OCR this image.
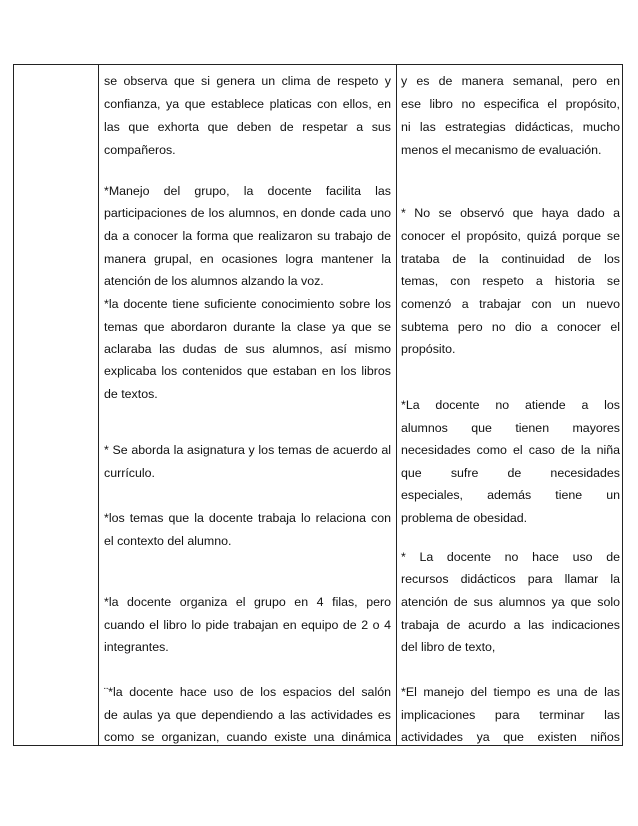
se observa que si genera un clima de respeto y
confianza, ya que establece platicas con ellos, en
las que exhorta que deben de respetar a sus
compañeros.
*Manejo del grupo, la docente facilita las
participaciones de los alumnos, en donde cada uno
da a conocer la forma que realizaron su trabajo de
manera grupal, en ocasiones logra mantener la
atención de los alumnos alzando la voz.
*la docente tiene suficiente conocimiento sobre los
temas que abordaron durante la clase ya que se
aclaraba las dudas de sus alumnos, así mismo
explicaba los contenidos que estaban en los libros
de textos.
* Se aborda la asignatura y los temas de acuerdo al
currículo.
*los temas que la docente trabaja lo relaciona con
el contexto del alumno.
*la docente organiza el grupo en 4 filas, pero
cuando el libro lo pide trabajan en equipo de 2 o 4
integrantes.
¨*la docente hace uso de los espacios del salón
de aulas ya que dependiendo a las actividades es
como se organizan, cuando existe una dinámica
y es de manera semanal, pero en
ese libro no especifica el propósito,
ni las estrategias didácticas, mucho
menos el mecanismo de evaluación.
* No se observó que haya dado a
conocer el propósito, quizá porque se
trataba de la continuidad de los
temas, con respeto a historia se
comenzó a trabajar con un nuevo
subtema pero no dio a conocer el
propósito.
*La docente no atiende a los
alumnos que tienen mayores
necesidades como el caso de la niña
que sufre de necesidades
especiales, además tiene un
problema de obesidad.
* La docente no hace uso de
recursos didácticos para llamar la
atención de sus alumnos ya que solo
trabaja de acurdo a las indicaciones
del libro de texto,
*El manejo del tiempo es una de las
implicaciones para terminar las
actividades ya que existen niños
